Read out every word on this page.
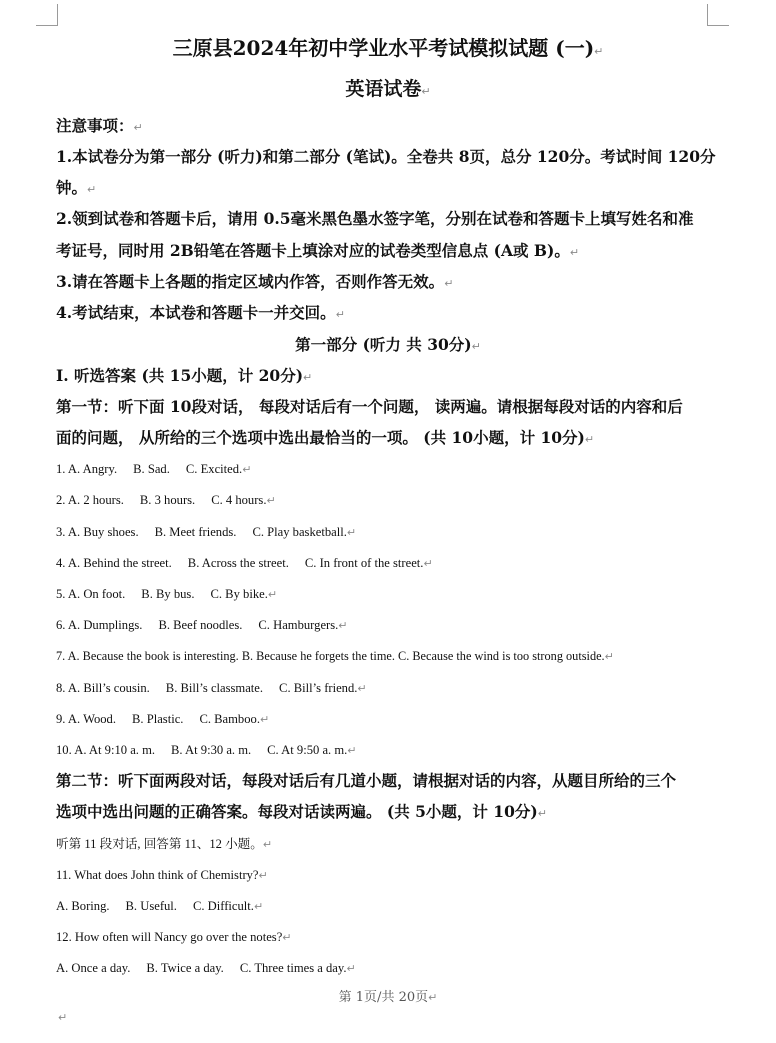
三原县2024年初中学业水平考试模拟试题 (一)↵
英语试卷↵
注意事项：↵
1.本试卷分为第一部分 (听力)和第二部分 (笔试)。全卷共 8页，总分 120分。考试时间 120分
钟。↵
2.领到试卷和答题卡后，请用 0.5毫米黑色墨水签字笔，分别在试卷和答题卡上填写姓名和准
考证号，同时用 2B铅笔在答题卡上填涂对应的试卷类型信息点 (A或 B)。↵
3.请在答题卡上各题的指定区域内作答，否则作答无效。↵
4.考试结束，本试卷和答题卡一并交回。↵
第一部分 (听力 共 30分)↵
I. 听选答案 (共 15小题，计 20分)↵
第一节：听下面 10段对话， 每段对话后有一个问题， 读两遍。请根据每段对话的内容和后
面的问题， 从所给的三个选项中选出最恰当的一项。 (共 10小题，计 10分)↵
1. A. Angry. B. Sad. C. Excited.↵
2. A. 2 hours. B. 3 hours. C. 4 hours.↵
3. A. Buy shoes. B. Meet friends. C. Play basketball.↵
4. A. Behind the street. B. Across the street. C. In front of the street.↵
5. A. On foot. B. By bus. C. By bike.↵
6. A. Dumplings. B. Beef noodles. C. Hamburgers.↵
7. A. Because the book is interesting. B. Because he forgets the time. C. Because the wind is too strong outside.↵
8. A. Bill’s cousin. B. Bill’s classmate. C. Bill’s friend.↵
9. A. Wood. B. Plastic. C. Bamboo.↵
10. A. At 9:10 a. m. B. At 9:30 a. m. C. At 9:50 a. m.↵
第二节：听下面两段对话，每段对话后有几道小题，请根据对话的内容，从题目所给的三个
选项中选出问题的正确答案。每段对话读两遍。 (共 5小题，计 10分)↵
听第 11 段对话, 回答第 11、12 小题。↵
11. What does John think of Chemistry?↵
A. Boring. B. Useful. C. Difficult.↵
12. How often will Nancy go over the notes?↵
A. Once a day. B. Twice a day. C. Three times a day.↵
第 1页/共 20页↵
↵
